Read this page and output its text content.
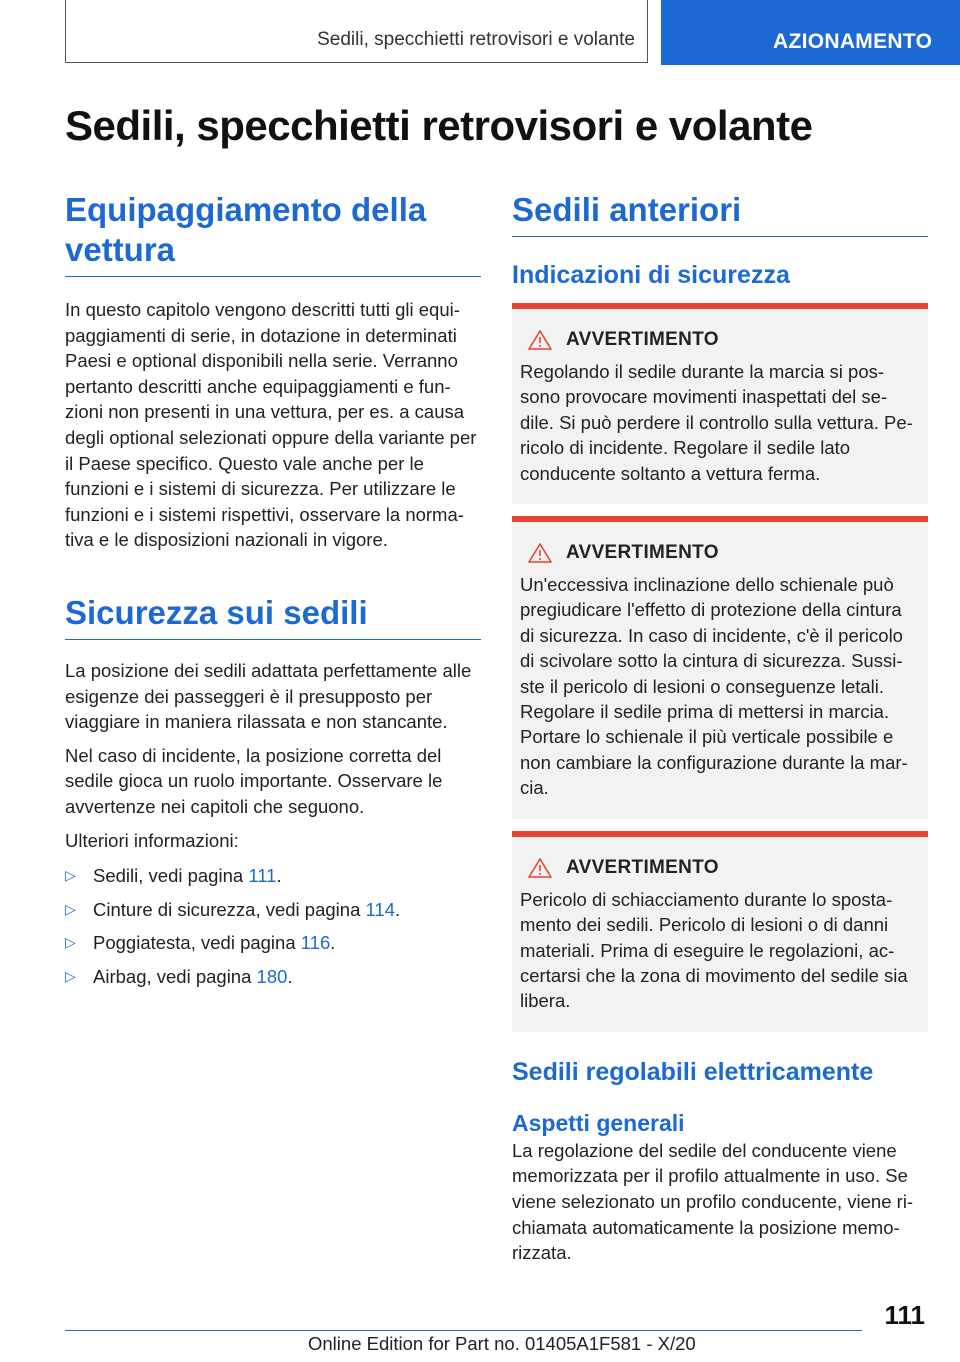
Sedili, specchietti retrovisori e volante	AZIONAMENTO
Sedili, specchietti retrovisori e volante
Equipaggiamento della vettura

In questo capitolo vengono descritti tutti gli equi-paggiamenti di serie, in dotazione in determinati Paesi e optional disponibili nella serie. Verranno pertanto descritti anche equipaggiamenti e fun-zioni non presenti in una vettura, per es. a causa degli optional selezionati oppure della variante per il Paese specifico. Questo vale anche per le funzioni e i sistemi di sicurezza. Per utilizzare le funzioni e i sistemi rispettivi, osservare la norma-tiva e le disposizioni nazionali in vigore.

Sicurezza sui sedili

La posizione dei sedili adattata perfettamente alle esigenze dei passeggeri è il presupposto per viaggiare in maniera rilassata e non stancante.

Nel caso di incidente, la posizione corretta del sedile gioca un ruolo importante. Osservare le avvertenze nei capitoli che seguono.

Ulteriori informazioni:

▷ Sedili, vedi pagina 111.
▷ Cinture di sicurezza, vedi pagina 114.
▷ Poggiatesta, vedi pagina 116.
▷ Airbag, vedi pagina 180.
Sedili anteriori
Indicazioni di sicurezza
AVVERTIMENTO

Regolando il sedile durante la marcia si pos-sono provocare movimenti inaspettati del se-dile. Si può perdere il controllo sulla vettura. Pe-ricolo di incidente. Regolare il sedile lato conducente soltanto a vettura ferma.

AVVERTIMENTO

Un'eccessiva inclinazione dello schienale può pregiudicare l'effetto di protezione della cintura di sicurezza. In caso di incidente, c'è il pericolo di scivolare sotto la cintura di sicurezza. Sussi-ste il pericolo di lesioni o conseguenze letali. Regolare il sedile prima di mettersi in marcia. Portare lo schienale il più verticale possibile e non cambiare la configurazione durante la mar-cia.

AVVERTIMENTO

Pericolo di schiacciamento durante lo sposta-mento dei sedili. Pericolo di lesioni o di danni materiali. Prima di eseguire le regolazioni, ac-certarsi che la zona di movimento del sedile sia libera.

Sedili regolabili elettricamente
Aspetti generali

La regolazione del sedile del conducente viene memorizzata per il profilo attualmente in uso. Se viene selezionato un profilo conducente, viene ri-chiamata automaticamente la posizione memo-rizzata.

111
Online Edition for Part no. 01405A1F581 - X/20
